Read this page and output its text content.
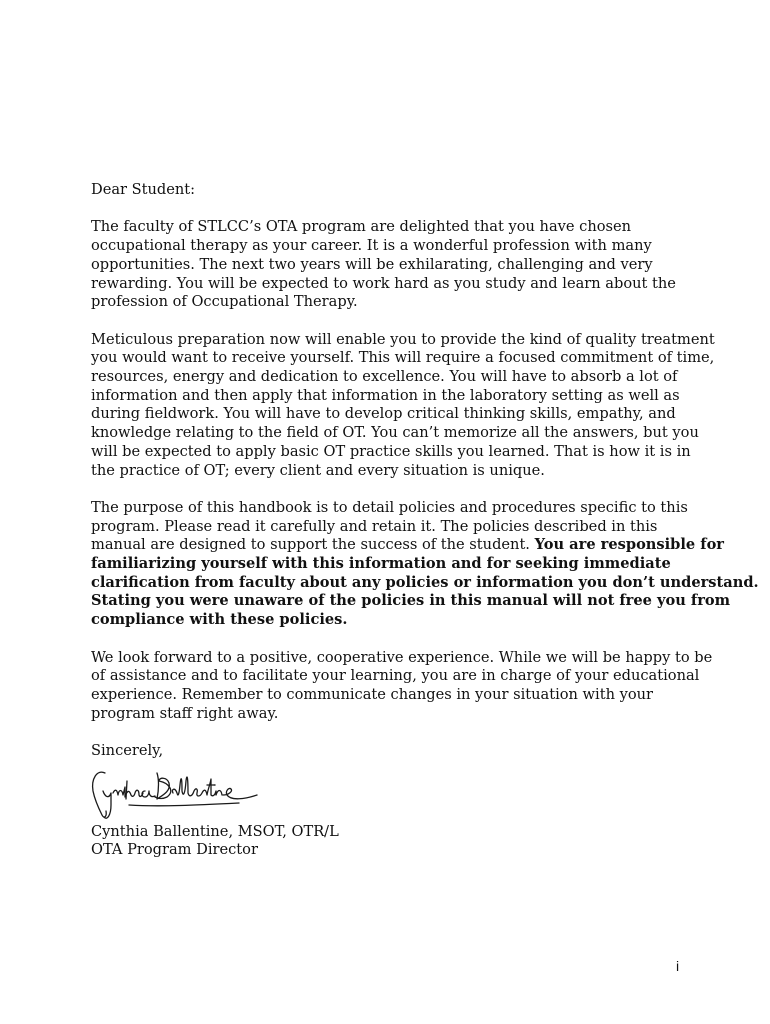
Dear Student:

The faculty of STLCC’s OTA program are delighted that you have chosen
occupational therapy as your career. It is a wonderful profession with many
opportunities. The next two years will be exhilarating, challenging and very
rewarding. You will be expected to work hard as you study and learn about the
profession of Occupational Therapy.

Meticulous preparation now will enable you to provide the kind of quality treatment
you would want to receive yourself. This will require a focused commitment of time,
resources, energy and dedication to excellence. You will have to absorb a lot of
information and then apply that information in the laboratory setting as well as
during fieldwork. You will have to develop critical thinking skills, empathy, and
knowledge relating to the field of OT. You can’t memorize all the answers, but you
will be expected to apply basic OT practice skills you learned. That is how it is in
the practice of OT; every client and every situation is unique.

The purpose of this handbook is to detail policies and procedures specific to this
program. Please read it carefully and retain it. The policies described in this
manual are designed to support the success of the student. You are responsible for
familiarizing yourself with this information and for seeking immediate
clarification from faculty about any policies or information you don’t understand.
Stating you were unaware of the policies in this manual will not free you from
compliance with these policies.

We look forward to a positive, cooperative experience. While we will be happy to be
of assistance and to facilitate your learning, you are in charge of your educational
experience. Remember to communicate changes in your situation with your
program staff right away.

Sincerely,

Cynthia Ballentine, MSOT, OTR/L
OTA Program Director

i
